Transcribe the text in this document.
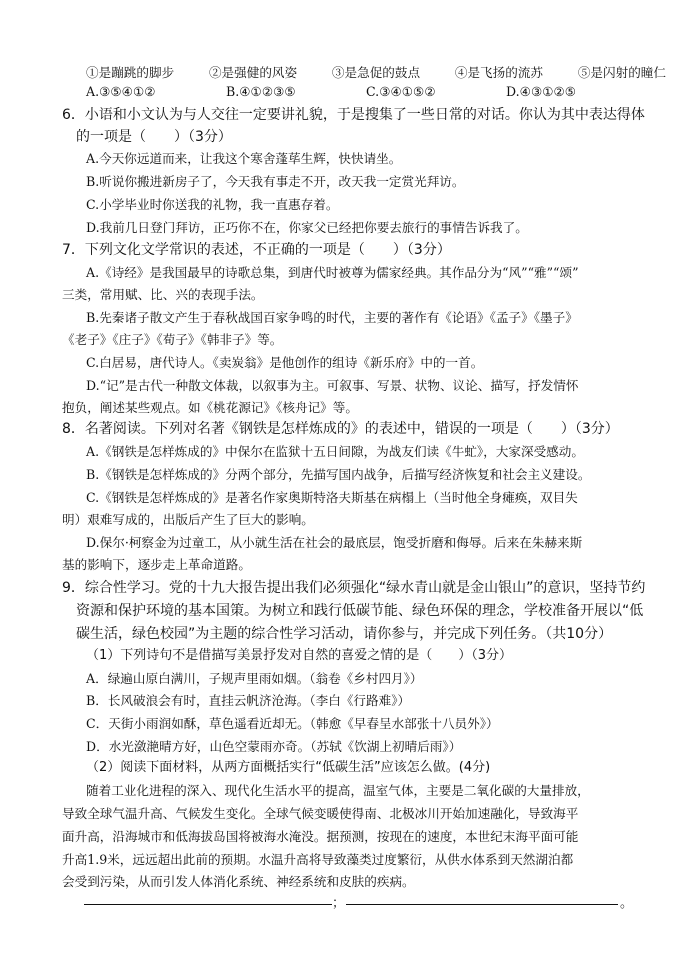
①是蹦跳的脚步	②是强健的风姿	③是急促的鼓点	④是飞扬的流苏	⑤是闪射的瞳仁
A.③⑤④①②	B.④①②③⑤	C.③④①⑤②	D.④③①②⑤
6．小语和小文认为与人交往一定要讲礼貌，于是搜集了一些日常的对话。你认为其中表达得体
的一项是（　　）（3分）
A.今天你远道而来，让我这个寒舍蓬荜生辉，快快请坐。
B.听说你搬进新房子了，今天我有事走不开，改天我一定赏光拜访。
C.小学毕业时你送我的礼物，我一直惠存着。
D.我前几日登门拜访，正巧你不在，你家父已经把你要去旅行的事情告诉我了。
7．下列文化文学常识的表述，不正确的一项是（　　）（3分）
A.《诗经》是我国最早的诗歌总集，到唐代时被尊为儒家经典。其作品分为“风”“雅”“颂”
三类，常用赋、比、兴的表现手法。
B.先秦诸子散文产生于春秋战国百家争鸣的时代，主要的著作有《论语》《孟子》《墨子》
《老子》《庄子》《荀子》《韩非子》等。
C.白居易，唐代诗人。《卖炭翁》是他创作的组诗《新乐府》中的一首。
D.“记”是古代一种散文体裁，以叙事为主。可叙事、写景、状物、议论、描写，抒发情怀
抱负，阐述某些观点。如《桃花源记》《核舟记》等。
8．名著阅读。下列对名著《钢铁是怎样炼成的》的表述中，错误的一项是（　　）（3分）
A.《钢铁是怎样炼成的》中保尔在监狱十五日间隙，为战友们读《牛虻》，大家深受感动。
B.《钢铁是怎样炼成的》分两个部分，先描写国内战争，后描写经济恢复和社会主义建设。
C.《钢铁是怎样炼成的》是著名作家奥斯特洛夫斯基在病榻上（当时他全身瘫痪，双目失
明）艰难写成的，出版后产生了巨大的影响。
D.保尔·柯察金为过童工，从小就生活在社会的最底层，饱受折磨和侮辱。后来在朱赫来斯
基的影响下，逐步走上革命道路。
9．综合性学习。党的十九大报告提出我们必须强化“绿水青山就是金山银山”的意识，坚持节约
资源和保护环境的基本国策。为树立和践行低碳节能、绿色环保的理念，学校准备开展以“低
碳生活，绿色校园”为主题的综合性学习活动，请你参与，并完成下列任务。（共10分）
（1）下列诗句不是借描写美景抒发对自然的喜爱之情的是（　　）（3分）
A．绿遍山原白满川，子规声里雨如烟。（翁卷《乡村四月》）
B．长风破浪会有时，直挂云帆济沧海。（李白《行路难》）
C．天街小雨润如酥，草色遥看近却无。（韩愈《早春呈水部张十八员外》）
D．水光潋滟晴方好，山色空蒙雨亦奇。（苏轼《饮湖上初晴后雨》）
（2）阅读下面材料，从两方面概括实行“低碳生活”应该怎么做。(4分)
随着工业化进程的深入、现代化生活水平的提高，温室气体，主要是二氧化碳的大量排放，
导致全球气温升高、气候发生变化。全球气候变暖使得南、北极冰川开始加速融化，导致海平
面升高，沿海城市和低海拔岛国将被海水淹没。据预测，按现在的速度，本世纪末海平面可能
升高1.9米，远远超出此前的预期。水温升高将导致藻类过度繁衍，从供水体系到天然湖泊都
会受到污染，从而引发人体消化系统、神经系统和皮肤的疾病。
；	。
